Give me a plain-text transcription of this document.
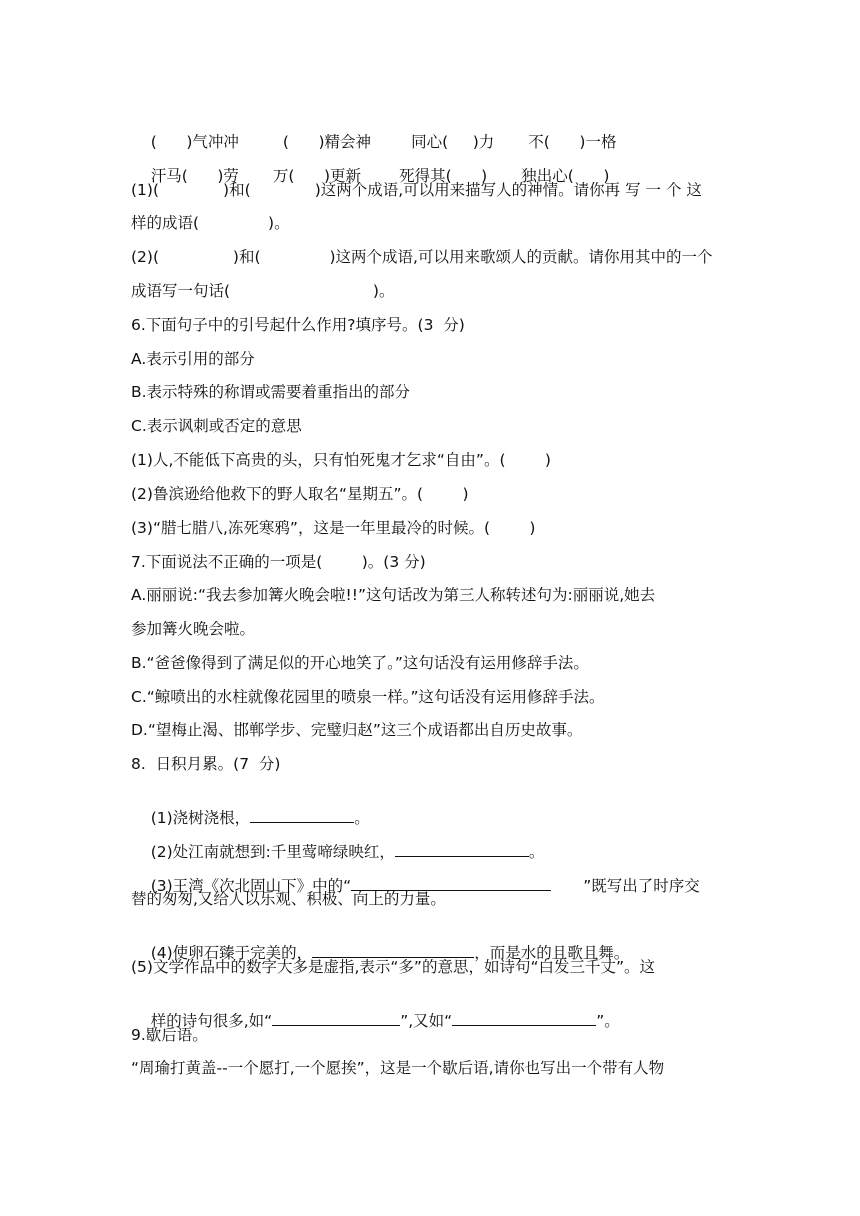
(      )气冲冲	(      )精会神	同心(     )力 不(      )一格

汗马(      )劳 万(      )更新 死得其(      ) 独出心(      )

(1)(             )和(             )这两个成语,可以用来描写人的神情。请你再 写 一 个 这
样的成语(              )。
(2)(               )和(              )这两个成语,可以用来歌颂人的贡献。请你用其中的一个
成语写一句话(                             )。
6.下面句子中的引号起什么作用?填序号。(3  分)
A.表示引用的部分
B.表示特殊的称谓或需要着重指出的部分
C.表示讽刺或否定的意思
(1)人,不能低下高贵的头，只有怕死鬼才乞求“自由”。(        )
(2)鲁滨逊给他救下的野人取名“星期五”。(        )
(3)“腊七腊八,冻死寒鸦”，这是一年里最冷的时候。(        )
7.下面说法不正确的一项是(        )。(3 分)
A.丽丽说:“我去参加篝火晚会啦!!”这句话改为第三人称转述句为:丽丽说,她去
参加篝火晚会啦。
B.“爸爸像得到了满足似的开心地笑了。”这句话没有运用修辞手法。
C.“鲸喷出的水柱就像花园里的喷泉一样。”这句话没有运用修辞手法。
D.“望梅止渴、邯郸学步、完璧归赵”这三个成语都出自历史故事。
8.  日积月累。(7  分)

(1)浇树浇根，	。

(2)处江南就想到:千里莺啼绿映红，	。

(3)王湾《次北固山下》中的“	”既写出了时序交

替的匆匆,又给人以乐观、积极、向上的力量。

(4)使卵石臻于完美的，	，而是水的且歌且舞。

(5)文学作品中的数字大多是虚指,表示“多”的意思，如诗句“白发三千丈”。这

样的诗句很多,如“	”,又如“	”。

9.歇后语。
“周瑜打黄盖--一个愿打,一个愿挨”，这是一个歇后语,请你也写出一个带有人物
